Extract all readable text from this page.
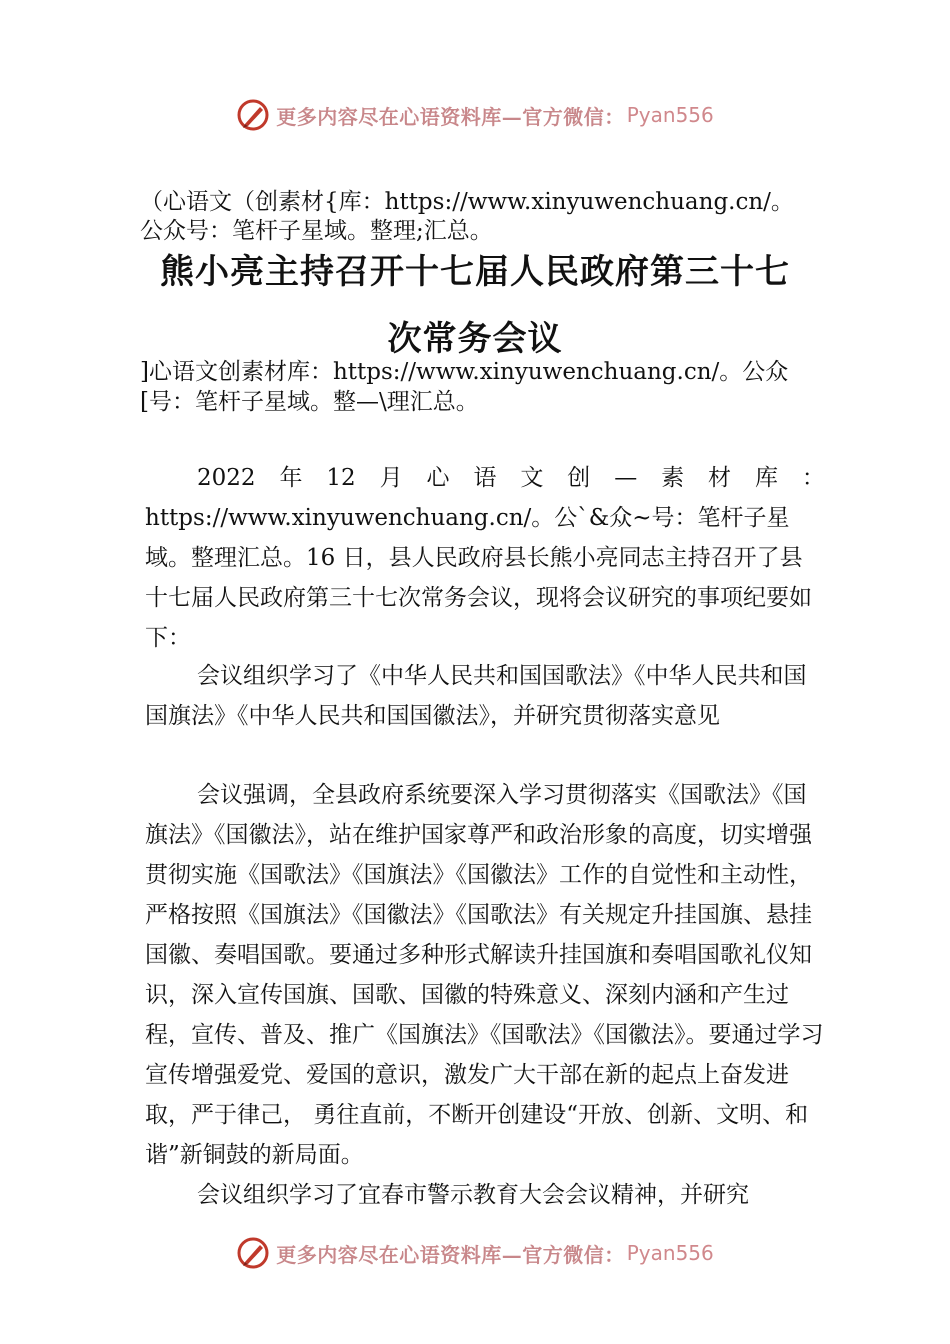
更多内容尽在心语资料库—官方微信： Pyan556
（心语文（创素材{库：https://www.xinyuwenchuang.cn/。
公众号：笔杆子星域。整理;汇总。
熊小亮主持召开十七届人民政府第三十七
次常务会议
]心语文创素材库：https://www.xinyuwenchuang.cn/。公众
[号：笔杆子星域。整—\理汇总。
2022 年 12 月 心 语 文 创 — 素 材 库 ：

https://www.xinyuwenchuang.cn/。公`&众~号：笔杆子星域。整理汇总。16 日，县人民政府县长熊小亮同志主持召开了县十七届人民政府第三十七次常务会议，现将会议研究的事项纪要如下：

会议组织学习了《中华人民共和国国歌法》《中华人民共和国国旗法》《中华人民共和国国徽法》，并研究贯彻落实意见

会议强调，全县政府系统要深入学习贯彻落实《国歌法》《国旗法》《国徽法》，站在维护国家尊严和政治形象的高度，切实增强贯彻实施《国歌法》《国旗法》《国徽法》工作的自觉性和主动性，严格按照《国旗法》《国徽法》《国歌法》有关规定升挂国旗、悬挂国徽、奏唱国歌。要通过多种形式解读升挂国旗和奏唱国歌礼仪知识，深入宣传国旗、国歌、国徽的特殊意义、深刻内涵和产生过程，宣传、普及、推广《国旗法》《国歌法》《国徽法》。要通过学习宣传增强爱党、爱国的意识，激发广大干部在新的起点上奋发进取，严于律己， 勇往直前，不断开创建设“开放、创新、文明、和谐”新铜鼓的新局面。

会议组织学习了宜春市警示教育大会会议精神，并研究

更多内容尽在心语资料库—官方微信： Pyan556
